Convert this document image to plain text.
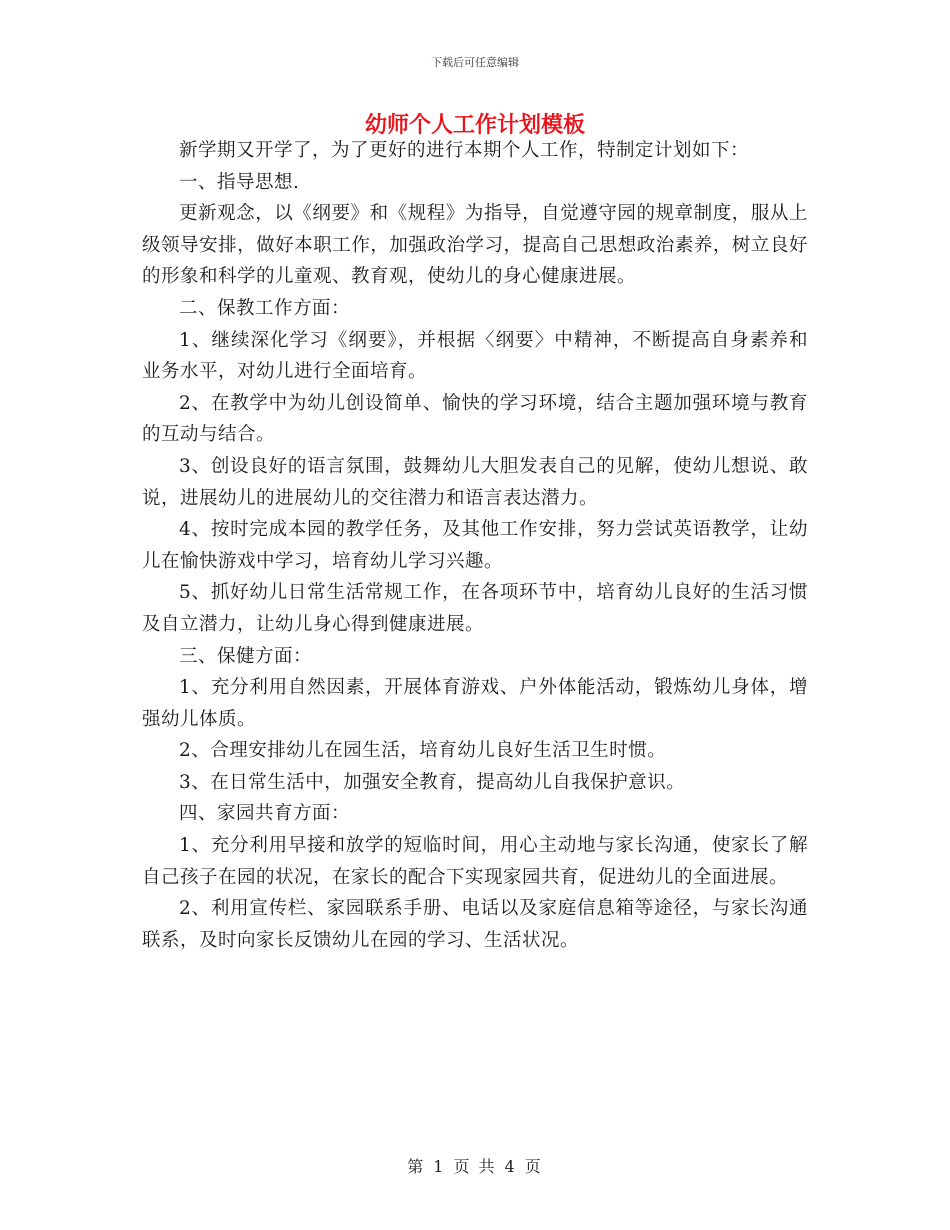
下载后可任意编辑
幼师个人工作计划模板

新学期又开学了，为了更好的进行本期个人工作，特制定计划如下：

一、指导思想.

更新观念，以《纲要》和《规程》为指导，自觉遵守园的规章制度，服从上级领导安排，做好本职工作，加强政治学习，提高自己思想政治素养，树立良好的形象和科学的儿童观、教育观，使幼儿的身心健康进展。

二、保教工作方面：

1、继续深化学习《纲要》，并根据〈纲要〉中精神，不断提高自身素养和业务水平，对幼儿进行全面培育。

2、在教学中为幼儿创设简单、愉快的学习环境，结合主题加强环境与教育的互动与结合。

3、创设良好的语言氛围，鼓舞幼儿大胆发表自己的见解，使幼儿想说、敢说，进展幼儿的进展幼儿的交往潜力和语言表达潜力。

4、按时完成本园的教学任务，及其他工作安排，努力尝试英语教学，让幼儿在愉快游戏中学习，培育幼儿学习兴趣。

5、抓好幼儿日常生活常规工作，在各项环节中，培育幼儿良好的生活习惯及自立潜力，让幼儿身心得到健康进展。

三、保健方面：

1、充分利用自然因素，开展体育游戏、户外体能活动，锻炼幼儿身体，增强幼儿体质。

2、合理安排幼儿在园生活，培育幼儿良好生活卫生时惯。

3、在日常生活中，加强安全教育，提高幼儿自我保护意识。

四、家园共育方面：

1、充分利用早接和放学的短临时间，用心主动地与家长沟通，使家长了解自己孩子在园的状况，在家长的配合下实现家园共育，促进幼儿的全面进展。

2、利用宣传栏、家园联系手册、电话以及家庭信息箱等途径，与家长沟通联系，及时向家长反馈幼儿在园的学习、生活状况。

第 1 页 共 4 页
